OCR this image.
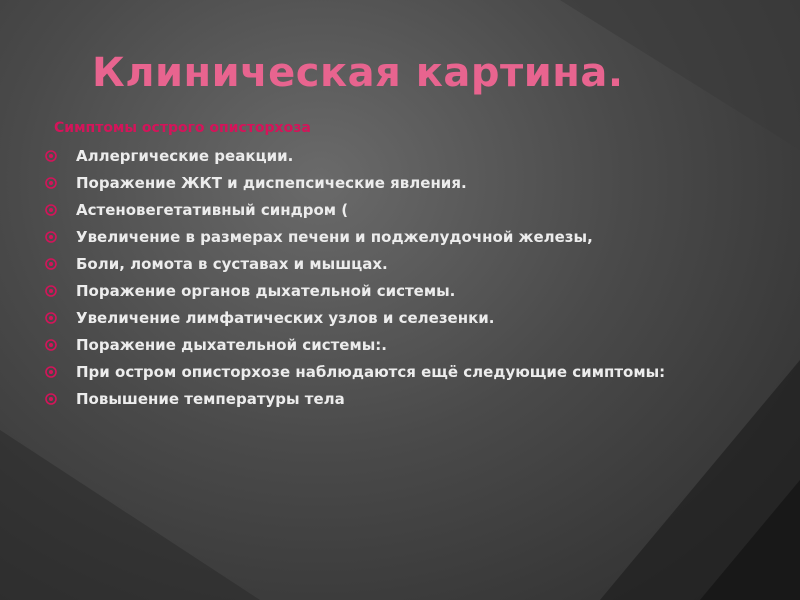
Клиническая картина.
Симптомы острого описторхоза
Аллергические реакции.
Поражение ЖКТ и диспепсические явления.
Астеновегетативный синдром (
Увеличение в размерах печени и поджелудочной железы,
Боли, ломота в суставах и мышцах.
Поражение органов дыхательной системы.
Увеличение лимфатических узлов и селезенки.
Поражение дыхательной системы:.
При остром описторхозе наблюдаются ещё следующие симптомы:
Повышение температуры тела
